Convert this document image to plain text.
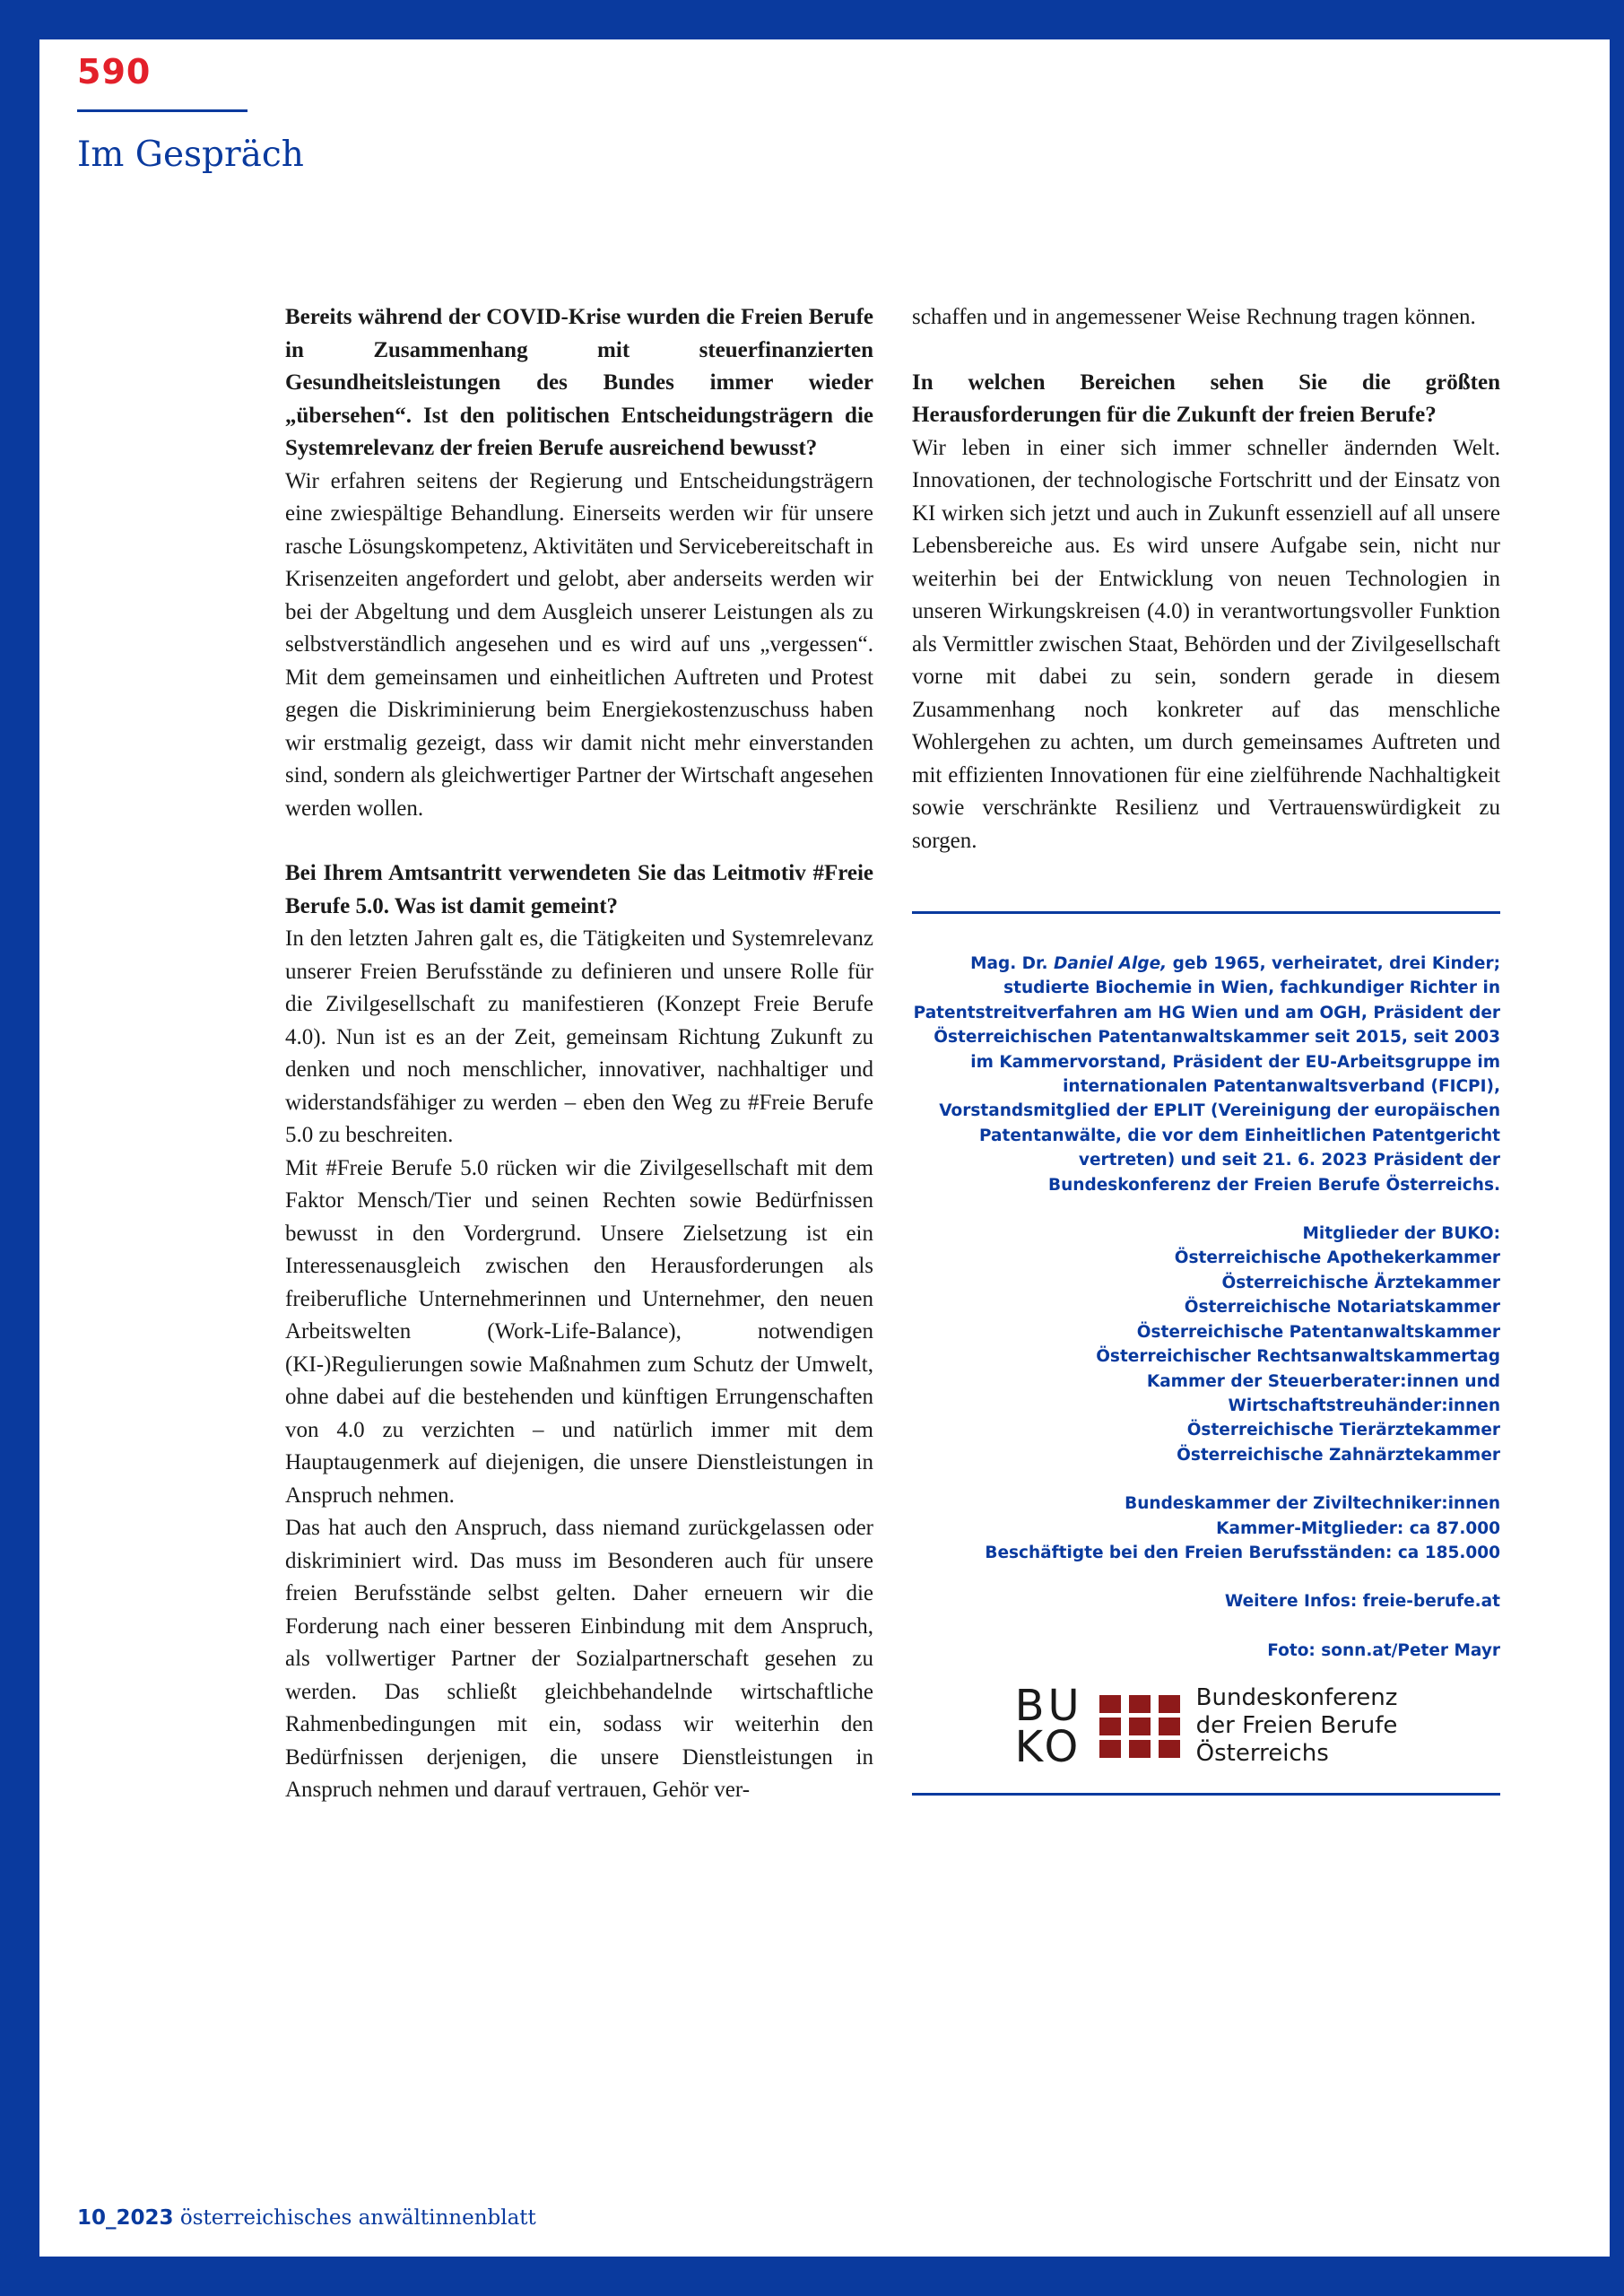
590
Im Gespräch

Bereits während der COVID-Krise wurden die Freien Berufe in Zusammenhang mit steuerfinanzierten Gesundheitsleistungen des Bundes immer wieder „übersehen“. Ist den politischen Entscheidungsträgern die Systemrelevanz der freien Berufe ausreichend bewusst?

Wir erfahren seitens der Regierung und Entscheidungsträgern eine zwiespältige Behandlung. Einerseits werden wir für unsere rasche Lösungskompetenz, Aktivitäten und Servicebereitschaft in Krisenzeiten angefordert und gelobt, aber anderseits werden wir bei der Abgeltung und dem Ausgleich unserer Leistungen als zu selbstverständlich angesehen und es wird auf uns „vergessen“. Mit dem gemeinsamen und einheitlichen Auftreten und Protest gegen die Diskriminierung beim Energiekostenzuschuss haben wir erstmalig gezeigt, dass wir damit nicht mehr einverstanden sind, sondern als gleichwertiger Partner der Wirtschaft angesehen werden wollen.

Bei Ihrem Amtsantritt verwendeten Sie das Leitmotiv #Freie Berufe 5.0. Was ist damit gemeint?

In den letzten Jahren galt es, die Tätigkeiten und Systemrelevanz unserer Freien Berufsstände zu definieren und unsere Rolle für die Zivilgesellschaft zu manifestieren (Konzept Freie Berufe 4.0). Nun ist es an der Zeit, gemeinsam Richtung Zukunft zu denken und noch menschlicher, innovativer, nachhaltiger und widerstandsfähiger zu werden – eben den Weg zu #Freie Berufe 5.0 zu beschreiten.

Mit #Freie Berufe 5.0 rücken wir die Zivilgesellschaft mit dem Faktor Mensch/Tier und seinen Rechten sowie Bedürfnissen bewusst in den Vordergrund. Unsere Zielsetzung ist ein Interessenausgleich zwischen den Herausforderungen als freiberufliche Unternehmerinnen und Unternehmer, den neuen Arbeitswelten (Work-Life-Balance), notwendigen (KI-)Regulierungen sowie Maßnahmen zum Schutz der Umwelt, ohne dabei auf die bestehenden und künftigen Errungenschaften von 4.0 zu verzichten – und natürlich immer mit dem Hauptaugenmerk auf diejenigen, die unsere Dienstleistungen in Anspruch nehmen.

Das hat auch den Anspruch, dass niemand zurückgelassen oder diskriminiert wird. Das muss im Besonderen auch für unsere freien Berufsstände selbst gelten. Daher erneuern wir die Forderung nach einer besseren Einbindung mit dem Anspruch, als vollwertiger Partner der Sozialpartnerschaft gesehen zu werden. Das schließt gleichbehandelnde wirtschaftliche Rahmenbedingungen mit ein, sodass wir weiterhin den Bedürfnissen derjenigen, die unsere Dienstleistungen in Anspruch nehmen und darauf vertrauen, Gehör ver-

schaffen und in angemessener Weise Rechnung tragen können.

In welchen Bereichen sehen Sie die größten Herausforderungen für die Zukunft der freien Berufe?

Wir leben in einer sich immer schneller ändernden Welt. Innovationen, der technologische Fortschritt und der Einsatz von KI wirken sich jetzt und auch in Zukunft essenziell auf all unsere Lebensbereiche aus. Es wird unsere Aufgabe sein, nicht nur weiterhin bei der Entwicklung von neuen Technologien in unseren Wirkungskreisen (4.0) in verantwortungsvoller Funktion als Vermittler zwischen Staat, Behörden und der Zivilgesellschaft vorne mit dabei zu sein, sondern gerade in diesem Zusammenhang noch konkreter auf das menschliche Wohlergehen zu achten, um durch gemeinsames Auftreten und mit effizienten Innovationen für eine zielführende Nachhaltigkeit sowie verschränkte Resilienz und Vertrauenswürdigkeit zu sorgen.

Mag. Dr. Daniel Alge, geb 1965, verheiratet, drei Kinder; studierte Biochemie in Wien, fachkundiger Richter in Patentstreitverfahren am HG Wien und am OGH, Präsident der Österreichischen Patentanwaltskammer seit 2015, seit 2003 im Kammervorstand, Präsident der EU-Arbeitsgruppe im internationalen Patentanwaltsverband (FICPI), Vorstandsmitglied der EPLIT (Vereinigung der europäischen Patentanwälte, die vor dem Einheitlichen Patentgericht vertreten) und seit 21. 6. 2023 Präsident der Bundeskonferenz der Freien Berufe Österreichs.

Mitglieder der BUKO:

Österreichische Apothekerkammer

Österreichische Ärztekammer

Österreichische Notariatskammer

Österreichische Patentanwaltskammer

Österreichischer Rechtsanwaltskammertag

Kammer der Steuerberater:innen und Wirtschaftstreuhänder:innen

Österreichische Tierärztekammer

Österreichische Zahnärztekammer

Bundeskammer der Ziviltechniker:innen

Kammer-Mitglieder: ca 87.000

Beschäftigte bei den Freien Berufsständen: ca 185.000

Weitere Infos: freie-berufe.at

Foto: sonn.at/Peter Mayr

BU
KO
Bundeskonferenz
der Freien Berufe
Österreichs
10_2023 österreichisches anwältinnenblatt
